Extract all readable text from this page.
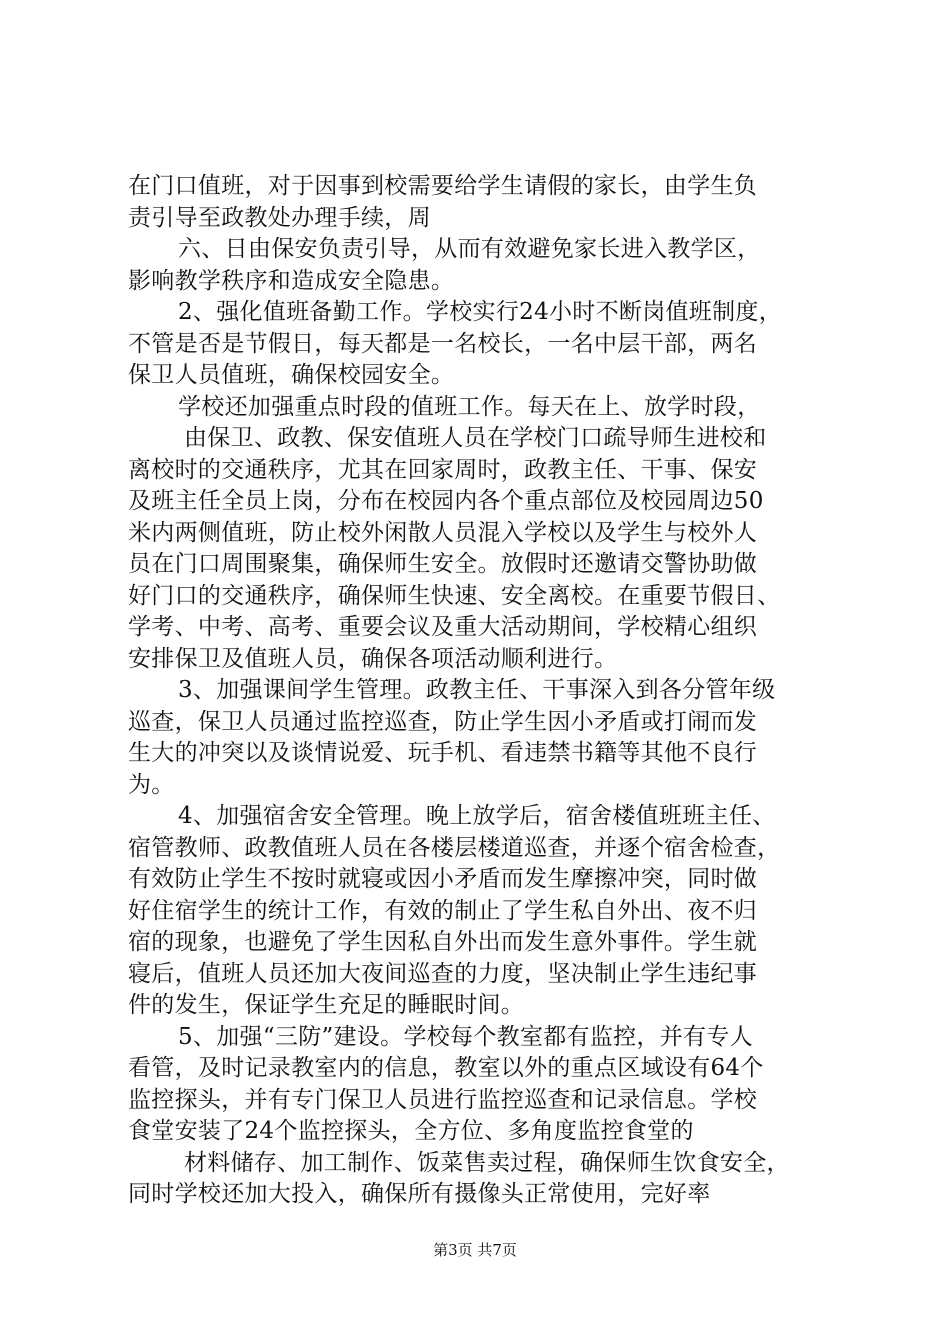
在门口值班，对于因事到校需要给学生请假的家长，由学生负
责引导至政教处办理手续，周
六、日由保安负责引导，从而有效避免家长进入教学区，
影响教学秩序和造成安全隐患。
2、强化值班备勤工作。学校实行24小时不断岗值班制度，
不管是否是节假日，每天都是一名校长，一名中层干部，两名
保卫人员值班，确保校园安全。
学校还加强重点时段的值班工作。每天在上、放学时段，
由保卫、政教、保安值班人员在学校门口疏导师生进校和
离校时的交通秩序，尤其在回家周时，政教主任、干事、保安
及班主任全员上岗，分布在校园内各个重点部位及校园周边50
米内两侧值班，防止校外闲散人员混入学校以及学生与校外人
员在门口周围聚集，确保师生安全。放假时还邀请交警协助做
好门口的交通秩序，确保师生快速、安全离校。在重要节假日、
学考、中考、高考、重要会议及重大活动期间，学校精心组织
安排保卫及值班人员，确保各项活动顺利进行。
3、加强课间学生管理。政教主任、干事深入到各分管年级
巡查，保卫人员通过监控巡查，防止学生因小矛盾或打闹而发
生大的冲突以及谈情说爱、玩手机、看违禁书籍等其他不良行
为。
4、加强宿舍安全管理。晚上放学后，宿舍楼值班班主任、
宿管教师、政教值班人员在各楼层楼道巡查，并逐个宿舍检查，
有效防止学生不按时就寝或因小矛盾而发生摩擦冲突，同时做
好住宿学生的统计工作，有效的制止了学生私自外出、夜不归
宿的现象，也避免了学生因私自外出而发生意外事件。学生就
寝后，值班人员还加大夜间巡查的力度，坚决制止学生违纪事
件的发生，保证学生充足的睡眠时间。
5、加强“三防”建设。学校每个教室都有监控，并有专人
看管，及时记录教室内的信息，教室以外的重点区域设有64个
监控探头，并有专门保卫人员进行监控巡查和记录信息。学校
食堂安装了24个监控探头，全方位、多角度监控食堂的
材料储存、加工制作、饭菜售卖过程，确保师生饮食安全，
同时学校还加大投入，确保所有摄像头正常使用，完好率
第3页 共7页
